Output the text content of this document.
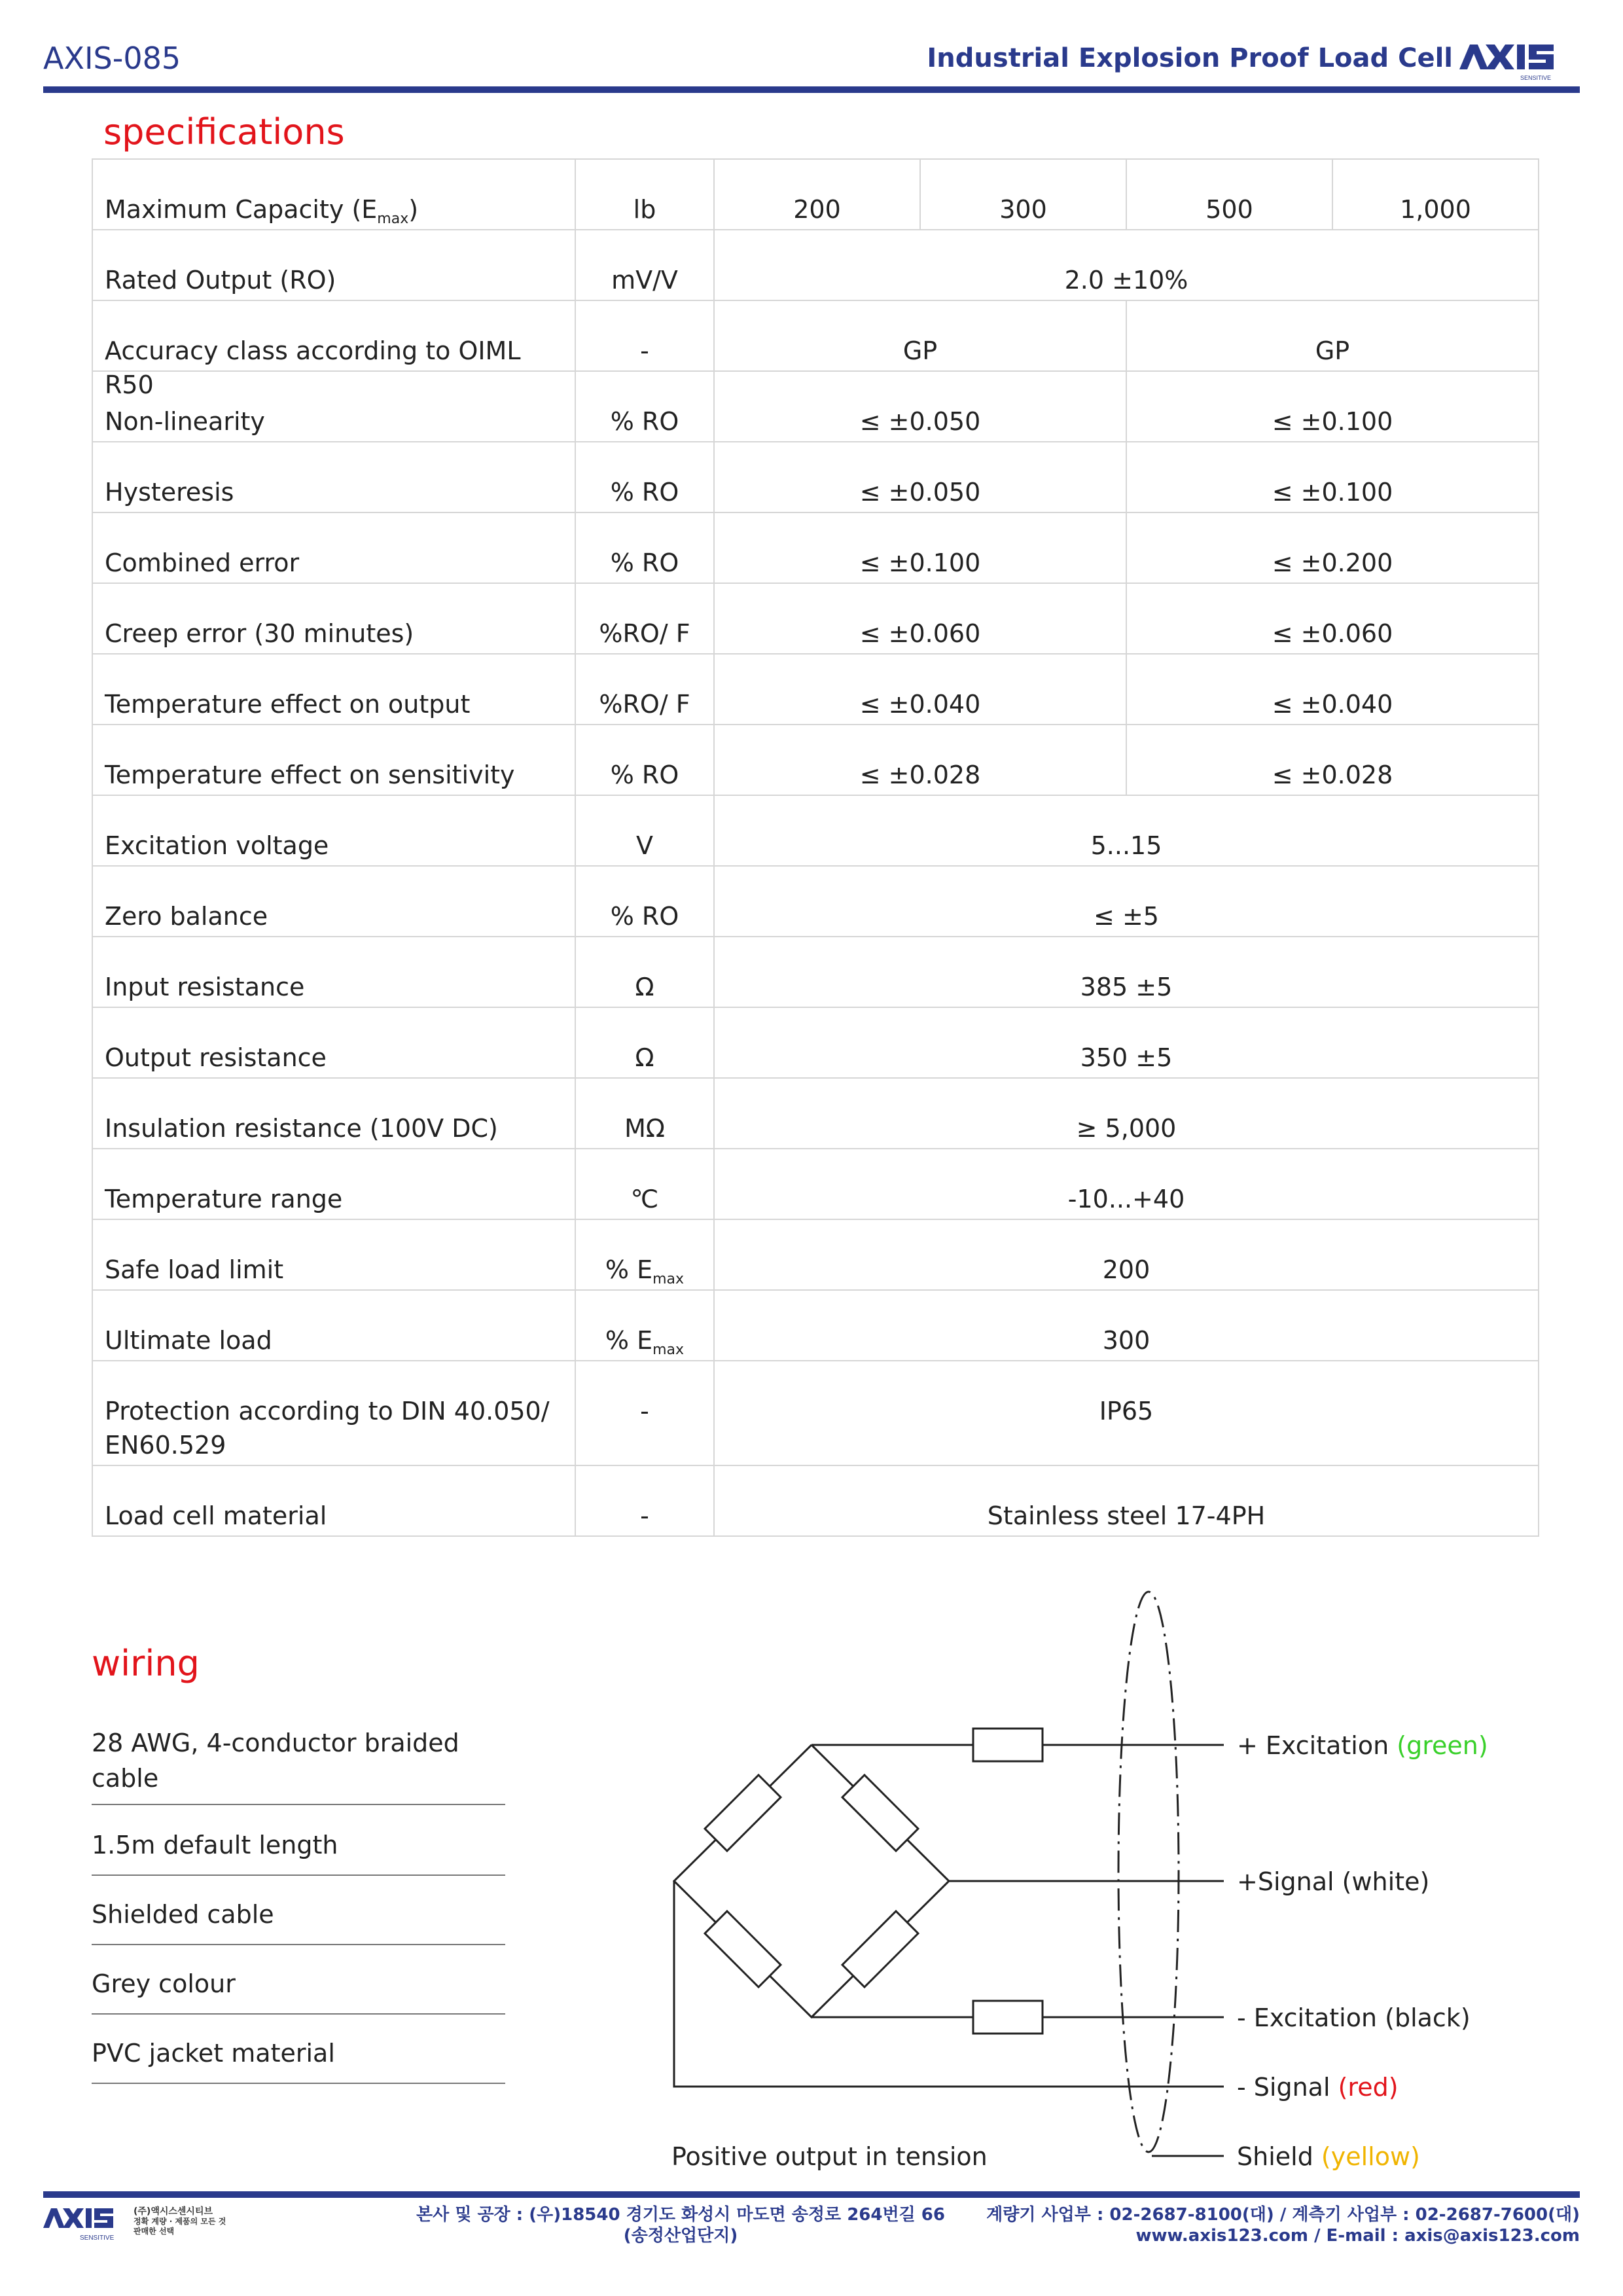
AXIS-085	Industrial Explosion Proof Load Cell
SENSITIVE
specifications
Maximum Capacity $(E_{max})$	lb	200	300	500	1,000

Rated Output (RO)	mV/V	2.0 ±10%			

Accuracy class according to OIML R50	-	GP		GP	

Non-linearity	% RO	≤ ±0.050		≤ ±0.100	

Hysteresis	% RO	≤ ±0.050		≤ ±0.100	

Combined error	% RO	≤ ±0.100		≤ ±0.200	

Creep error (30 minutes)	%RO/ F	≤ ±0.060		≤ ±0.060	

Temperature effect on output	%RO/ F	≤ ±0.040		≤ ±0.040	

Temperature effect on sensitivity	% RO	≤ ±0.028		≤ ±0.028	

Excitation voltage	V	5...15			

Zero balance	% RO	≤ ±5			

Input resistance	Ω	385 ±5			

Output resistance	Ω	350 ±5			

Insulation resistance (100V DC)	MΩ	≥ 5,000			

Temperature range	℃	-10...+40			

Safe load limit	% $E_{max}$	200			

Ultimate load	% $E_{max}$	300			

Protection according to DIN 40.050/ EN60.529	-	IP65			

Load cell material	-	Stainless steel 17-4PH			
wiring
28 AWG, 4-conductor braided cable
1.5m default length
Shielded cable
Grey colour
PVC jacket material
+ Excitation (green)
+Signal (white)
- Excitation (black)
- Signal (red)
Shield (yellow)
Positive output in tension
SENSITIVE
(주)액시스센시티브
정확 계량 · 제품의 모든 것
판매한 선택
본사 및 공장 : (우)18540 경기도 화성시 마도면 송정로 264번길 66
(송정산업단지)
계량기 사업부 : 02-2687-8100(대) / 계측기 사업부 : 02-2687-7600(대)
www.axis123.com / E-mail : axis@axis123.com
